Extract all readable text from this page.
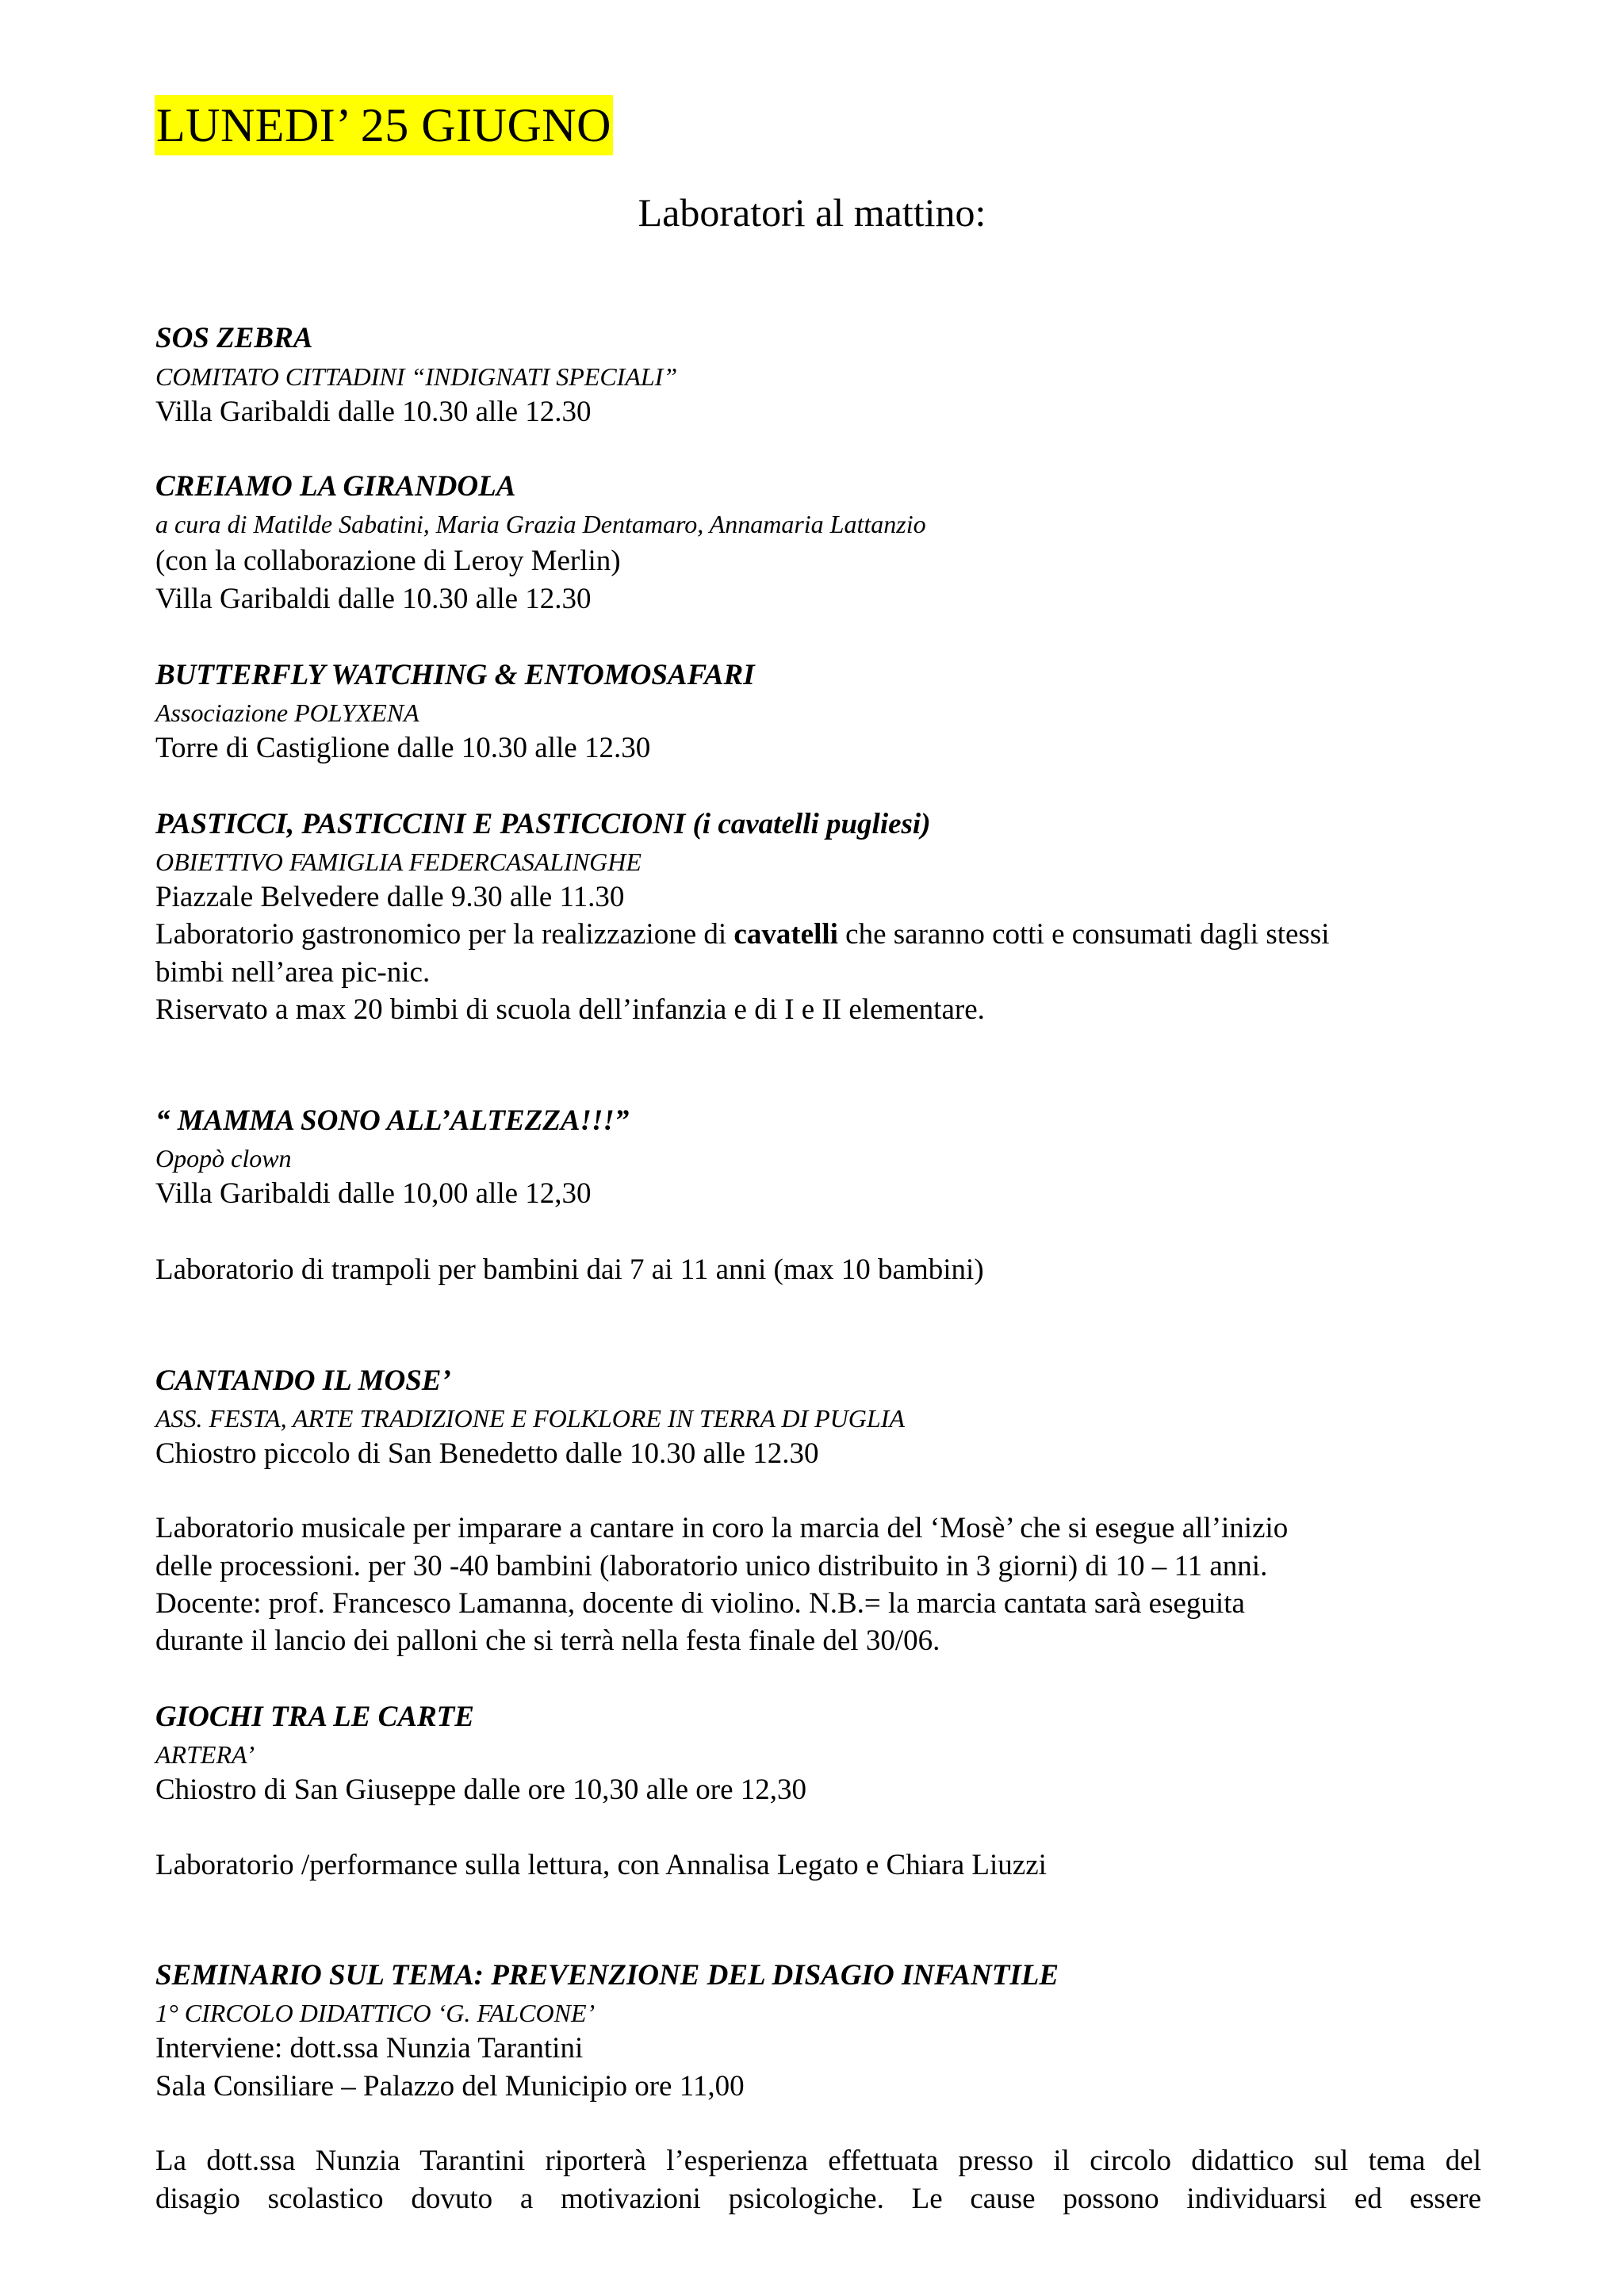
LUNEDI’ 25 GIUGNO
Laboratori al mattino:
SOS ZEBRA
COMITATO CITTADINI “INDIGNATI SPECIALI”
Villa Garibaldi dalle 10.30 alle 12.30
CREIAMO LA GIRANDOLA
a cura di Matilde Sabatini, Maria Grazia Dentamaro, Annamaria Lattanzio
(con la collaborazione di Leroy Merlin)
Villa Garibaldi dalle 10.30 alle 12.30
BUTTERFLY WATCHING & ENTOMOSAFARI
Associazione POLYXENA
Torre di Castiglione dalle 10.30 alle 12.30
PASTICCI, PASTICCINI E PASTICCIONI (i cavatelli pugliesi)
OBIETTIVO FAMIGLIA FEDERCASALINGHE
Piazzale Belvedere dalle 9.30 alle 11.30
Laboratorio gastronomico per la realizzazione di cavatelli che saranno cotti e consumati dagli stessi
bimbi nell’area pic-nic.
Riservato a max 20 bimbi di scuola dell’infanzia e di I e II elementare.
“ MAMMA SONO ALL’ALTEZZA!!!”
Opopò clown
Villa Garibaldi dalle 10,00 alle 12,30
Laboratorio di trampoli per bambini dai 7 ai 11 anni (max 10 bambini)
CANTANDO IL MOSE’
ASS. FESTA, ARTE TRADIZIONE E FOLKLORE IN TERRA DI PUGLIA
Chiostro piccolo di San Benedetto dalle 10.30 alle 12.30
Laboratorio musicale per imparare a cantare in coro la marcia del ‘Mosè’ che si esegue all’inizio
delle processioni. per 30 -40 bambini (laboratorio unico distribuito in 3 giorni) di 10 – 11 anni.
Docente: prof. Francesco Lamanna, docente di violino. N.B.= la marcia cantata sarà eseguita
durante il lancio dei palloni che si terrà nella festa finale del 30/06.
GIOCHI TRA LE CARTE
ARTERA’
Chiostro di San Giuseppe dalle ore 10,30 alle ore 12,30
Laboratorio /performance sulla lettura, con Annalisa Legato e Chiara Liuzzi
SEMINARIO SUL TEMA: PREVENZIONE DEL DISAGIO INFANTILE
1° CIRCOLO DIDATTICO ‘G. FALCONE’
Interviene: dott.ssa Nunzia Tarantini
Sala Consiliare – Palazzo del Municipio ore 11,00
La dott.ssa Nunzia Tarantini riporterà l’esperienza effettuata presso il circolo didattico sul tema del
disagio scolastico dovuto a motivazioni psicologiche. Le cause possono individuarsi ed essere
